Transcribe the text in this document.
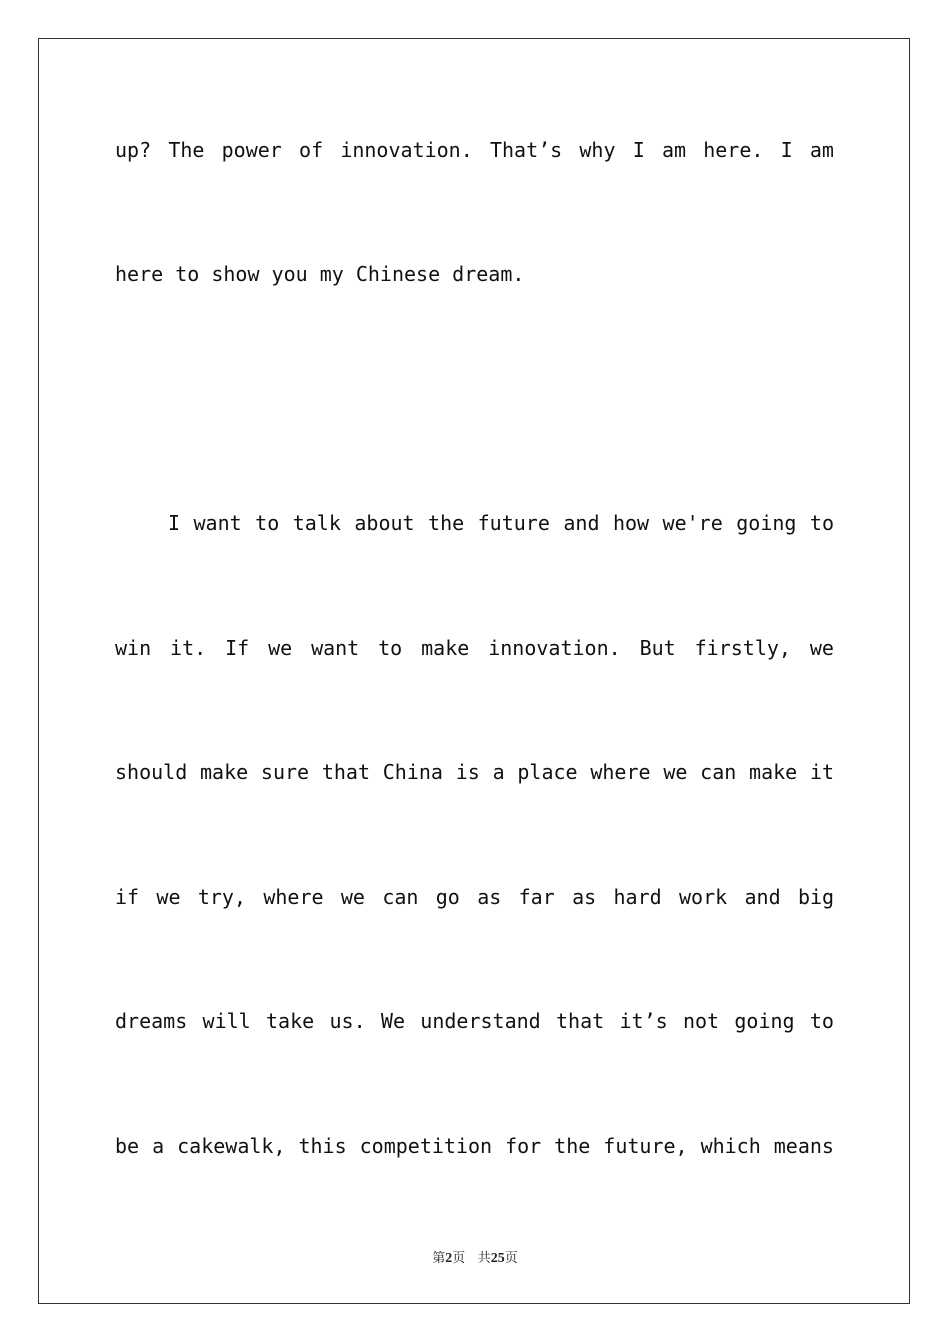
up? The power of innovation. That’s why I am here. I am
here to show you my Chinese dream.
I want to talk about the future and how we're going to
win it. If we want to make innovation. But firstly, we
should make sure that China is a place where we can make it
if we try, where we can go as far as hard work and big
dreams will take us. We understand that it’s not going to
be a cakewalk, this competition for the future, which means
第2页 共25页
